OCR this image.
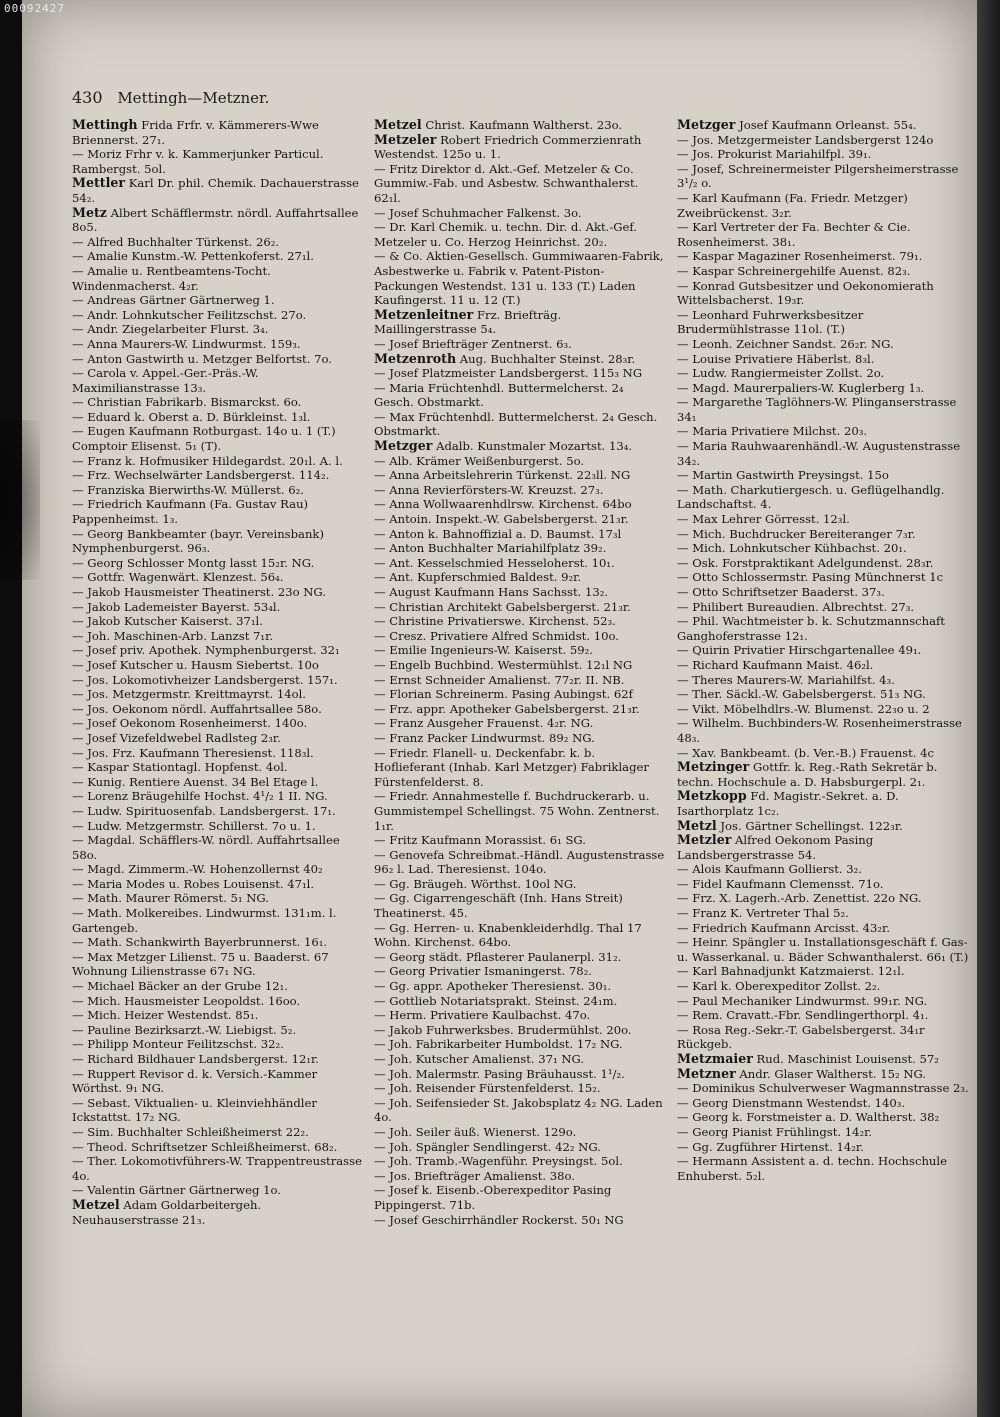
430 Mettingh—Metzner.
Mettingh Frida Frfr. v. Kämmerers-Wwe Briennerst. 27₁.
— Moriz Frhr v. k. Kammerjunker Particul. Rambergst. 5ol.
Mettler Karl Dr. phil. Chemik. Dachauerstrasse 54₂.
Metz Albert Schäfflermstr. nördl. Auffahrtsallee 8o5.
— Alfred Buchhalter Türkenst. 26₂.
— Amalie Kunstm.-W. Pettenkoferst. 27₁l.
— Amalie u. Rentbeamtens-Tocht. Windenmacherst. 4₂r.
— Andreas Gärtner Gärtnerweg 1.
— Andr. Lohnkutscher Feilitzschst. 27o.
— Andr. Ziegelarbeiter Flurst. 3₄.
— Anna Maurers-W. Lindwurmst. 159₃.
— Anton Gastwirth u. Metzger Belfortst. 7o.
— Carola v. Appel.-Ger.-Präs.-W. Maximilianstrasse 13₃.
— Christian Fabrikarb. Bismarckst. 6o.
— Eduard k. Oberst a. D. Bürkleinst. 1₃l.
— Eugen Kaufmann Rotburgast. 14o u. 1 (T.) Comptoir Elisenst. 5₁ (T).
— Franz k. Hofmusiker Hildegardst. 20₁l. A. l.
— Frz. Wechselwärter Landsbergerst. 114₂.
— Franziska Bierwirths-W. Müllerst. 6₂.
— Friedrich Kaufmann (Fa. Gustav Rau) Pappenheimst. 1₃.
— Georg Bankbeamter (bayr. Vereinsbank) Nymphenburgerst. 96₃.
— Georg Schlosser Montg lasst 15₂r. NG.
— Gottfr. Wagenwärt. Klenzest. 56₄.
— Jakob Hausmeister Theatinerst. 23o NG.
— Jakob Lademeister Bayerst. 53₄l.
— Jakob Kutscher Kaiserst. 37₁l.
— Joh. Maschinen-Arb. Lanzst 7₁r.
— Josef priv. Apothek. Nymphenburgerst. 32₁
— Josef Kutscher u. Hausm Siebertst. 10o
— Jos. Lokomotivheizer Landsbergerst. 157₁.
— Jos. Metzgermstr. Kreittmayrst. 14ol.
— Jos. Oekonom nördl. Auffahrtsallee 58o.
— Josef Oekonom Rosenheimerst. 140o.
— Josef Vizefeldwebel Radlsteg 2₃r.
— Jos. Frz. Kaufmann Theresienst. 118₃l.
— Kaspar Stationtagl. Hopfenst. 4ol.
— Kunig. Rentiere Auenst. 34 Bel Etage l.
— Lorenz Bräugehilfe Hochst. 4¹/₂ 1 II. NG.
— Ludw. Spirituosenfab. Landsbergerst. 17₁.
— Ludw. Metzgermstr. Schillerst. 7o u. 1.
— Magdal. Schäfflers-W. nördl. Auffahrtsallee 58o.
— Magd. Zimmerm.-W. Hohenzollernst 40₂
— Maria Modes u. Robes Louisenst. 47₁l.
— Math. Maurer Römerst. 5₁ NG.
— Math. Molkereibes. Lindwurmst. 131₁m. l. Gartengeb.
— Math. Schankwirth Bayerbrunnerst. 16₁.
— Max Metzger Lilienst. 75 u. Baaderst. 67 Wohnung Lilienstrasse 67₁ NG.
— Michael Bäcker an der Grube 12₁.
— Mich. Hausmeister Leopoldst. 16oo.
— Mich. Heizer Westendst. 85₁.
— Pauline Bezirksarzt.-W. Liebigst. 5₂.
— Philipp Monteur Feilitzschst. 32₂.
— Richard Bildhauer Landsbergerst. 12₁r.
— Ruppert Revisor d. k. Versich.-Kammer Wörthst. 9₁ NG.
— Sebast. Viktualien- u. Kleinviehhändler Ickstattst. 17₂ NG.
— Sim. Buchhalter Schleißheimerst 22₂.
— Theod. Schriftsetzer Schleißheimerst. 68₂.
— Ther. Lokomotivführers-W. Trappentreustrasse 4o.
— Valentin Gärtner Gärtnerweg 1o.
Metzel Adam Goldarbeitergeh. Neuhauserstrasse 21₃.
Metzel Christ. Kaufmann Waltherst. 23o.
Metzeler Robert Friedrich Commerzienrath Westendst. 125o u. 1.
— Fritz Direktor d. Akt.-Gef. Metzeler & Co. Gummiw.-Fab. und Asbestw. Schwanthalerst. 62₁l.
— Josef Schuhmacher Falkenst. 3o.
— Dr. Karl Chemik. u. techn. Dir. d. Akt.-Gef. Metzeler u. Co. Herzog Heinrichst. 20₂.
— & Co. Aktien-Gesellsch. Gummiwaaren-Fabrik, Asbestwerke u. Fabrik v. Patent-Piston-Packungen Westendst. 131 u. 133 (T.) Laden Kaufingerst. 11 u. 12 (T.)
Metzenleitner Frz. Briefträg. Maillingerstrasse 5₄.
— Josef Briefträger Zentnerst. 6₃.
Metzenroth Aug. Buchhalter Steinst. 28₃r.
— Josef Platzmeister Landsbergerst. 115₃ NG
— Maria Früchtenhdl. Buttermelcherst. 2₄ Gesch. Obstmarkt.
— Max Früchtenhdl. Buttermelcherst. 2₄ Gesch. Obstmarkt.
Metzger Adalb. Kunstmaler Mozartst. 13₄.
— Alb. Krämer Weißenburgerst. 5o.
— Anna Arbeitslehrerin Türkenst. 22₃ll. NG
— Anna Revierförsters-W. Kreuzst. 27₃.
— Anna Wollwaarenhdlrsw. Kirchenst. 64bo
— Antoin. Inspekt.-W. Gabelsbergerst. 21₃r.
— Anton k. Bahnoffizial a. D. Baumst. 17₃l
— Anton Buchhalter Mariahilfplatz 39₂.
— Ant. Kesselschmied Hesseloherst. 10₁.
— Ant. Kupferschmied Baldest. 9₂r.
— August Kaufmann Hans Sachsst. 13₂.
— Christian Architekt Gabelsbergerst. 21₃r.
— Christine Privatierswe. Kirchenst. 52₃.
— Cresz. Privatiere Alfred Schmidst. 10o.
— Emilie Ingenieurs-W. Kaiserst. 59₂.
— Engelb Buchbind. Westermühlst. 12₁l NG
— Ernst Schneider Amalienst. 77₂r. II. NB.
— Florian Schreinerm. Pasing Aubingst. 62f
— Frz. appr. Apotheker Gabelsbergerst. 21₃r.
— Franz Ausgeher Frauenst. 4₂r. NG.
— Franz Packer Lindwurmst. 89₂ NG.
— Friedr. Flanell- u. Deckenfabr. k. b. Hoflieferant (Inhab. Karl Metzger) Fabriklager Fürstenfelderst. 8.
— Friedr. Annahmestelle f. Buchdruckerarb. u. Gummistempel Schellingst. 75 Wohn. Zentnerst. 1₁r.
— Fritz Kaufmann Morassist. 6₁ SG.
— Genovefa Schreibmat.-Händl. Augustenstrasse 96₂ l. Lad. Theresienst. 104o.
— Gg. Bräugeh. Wörthst. 10ol NG.
— Gg. Cigarrengeschäft (Inh. Hans Streit) Theatinerst. 45.
— Gg. Herren- u. Knabenkleiderhdlg. Thal 17 Wohn. Kirchenst. 64bo.
— Georg städt. Pflasterer Paulanerpl. 31₂.
— Georg Privatier Ismaningerst. 78₂.
— Gg. appr. Apotheker Theresienst. 30₁.
— Gottlieb Notariatsprakt. Steinst. 24₁m.
— Herm. Privatiere Kaulbachst. 47o.
— Jakob Fuhrwerksbes. Brudermühlst. 20o.
— Joh. Fabrikarbeiter Humboldst. 17₂ NG.
— Joh. Kutscher Amalienst. 37₁ NG.
— Joh. Malermstr. Pasing Bräuhausst. 1¹/₂.
— Joh. Reisender Fürstenfelderst. 15₂.
— Joh. Seifensieder St. Jakobsplatz 4₂ NG. Laden 4o.
— Joh. Seiler äuß. Wienerst. 129o.
— Joh. Spängler Sendlingerst. 42₂ NG.
— Joh. Tramb.-Wagenführ. Preysingst. 5ol.
— Jos. Briefträger Amalienst. 38o.
— Josef k. Eisenb.-Oberexpeditor Pasing Pippingerst. 71b.
— Josef Geschirrhändler Rockerst. 50₁ NG
Metzger Josef Kaufmann Orleanst. 55₄.
— Jos. Metzgermeister Landsbergerst 124o
— Jos. Prokurist Mariahilfpl. 39₁.
— Josef, Schreinermeister Pilgersheimerstrasse 3¹/₂ o.
— Karl Kaufmann (Fa. Friedr. Metzger) Zweibrückenst. 3₂r.
— Karl Vertreter der Fa. Bechter & Cie. Rosenheimerst. 38₁.
— Kaspar Magaziner Rosenheimerst. 79₁.
— Kaspar Schreinergehilfe Auenst. 82₃.
— Konrad Gutsbesitzer und Oekonomierath Wittelsbacherst. 19₃r.
— Leonhard Fuhrwerksbesitzer Brudermühlstrasse 11ol. (T.)
— Leonh. Zeichner Sandst. 26₂r. NG.
— Louise Privatiere Häberlst. 8₃l.
— Ludw. Rangiermeister Zollst. 2o.
— Magd. Maurerpaliers-W. Kuglerberg 1₃.
— Margarethe Taglöhners-W. Plinganserstrasse 34₁
— Maria Privatiere Milchst. 20₃.
— Maria Rauhwaarenhändl.-W. Augustenstrasse 34₂.
— Martin Gastwirth Preysingst. 15o
— Math. Charkutiergesch. u. Geflügelhandlg. Landschaftst. 4.
— Max Lehrer Görresst. 12₃l.
— Mich. Buchdrucker Bereiteranger 7₃r.
— Mich. Lohnkutscher Kühbachst. 20₁.
— Osk. Forstpraktikant Adelgundenst. 28₃r.
— Otto Schlossermstr. Pasing Münchnerst 1c
— Otto Schriftsetzer Baaderst. 37₃.
— Philibert Bureaudien. Albrechtst. 27₃.
— Phil. Wachtmeister b. k. Schutzmannschaft Ganghoferstrasse 12₁.
— Quirin Privatier Hirschgartenallee 49₁.
— Richard Kaufmann Maist. 46₂l.
— Theres Maurers-W. Mariahilfst. 4₃.
— Ther. Säckl.-W. Gabelsbergerst. 51₃ NG.
— Vikt. Möbelhdlrs.-W. Blumenst. 22₃o u. 2
— Wilhelm. Buchbinders-W. Rosenheimerstrasse 48₃.
— Xav. Bankbeamt. (b. Ver.-B.) Frauenst. 4c
Metzinger Gottfr. k. Reg.-Rath Sekretär b. techn. Hochschule a. D. Habsburgerpl. 2₁.
Metzkopp Fd. Magistr.-Sekret. a. D. Isarthorplatz 1c₂.
Metzl Jos. Gärtner Schellingst. 122₃r.
Metzler Alfred Oekonom Pasing Landsbergerstrasse 54.
— Alois Kaufmann Gollierst. 3₂.
— Fidel Kaufmann Clemensst. 71o.
— Frz. X. Lagerh.-Arb. Zenettist. 22o NG.
— Franz K. Vertreter Thal 5₂.
— Friedrich Kaufmann Arcisst. 43₂r.
— Heinr. Spängler u. Installationsgeschäft f. Gas- u. Wasserkanal. u. Bäder Schwanthalerst. 66₁ (T.)
— Karl Bahnadjunkt Katzmaierst. 12₁l.
— Karl k. Oberexpeditor Zollst. 2₂.
— Paul Mechaniker Lindwurmst. 99₁r. NG.
— Rem. Cravatt.-Fbr. Sendlingerthorpl. 4₁.
— Rosa Reg.-Sekr.-T. Gabelsbergerst. 34₁r Rückgeb.
Metzmaier Rud. Maschinist Louisenst. 57₂
Metzner Andr. Glaser Waltherst. 15₂ NG.
— Dominikus Schulverweser Wagmannstrasse 2₃.
— Georg Dienstmann Westendst. 140₃.
— Georg k. Forstmeister a. D. Waltherst. 38₂
— Georg Pianist Frühlingst. 14₂r.
— Gg. Zugführer Hirtenst. 14₂r.
— Hermann Assistent a. d. techn. Hochschule Enhuberst. 5₂l.
00092427
